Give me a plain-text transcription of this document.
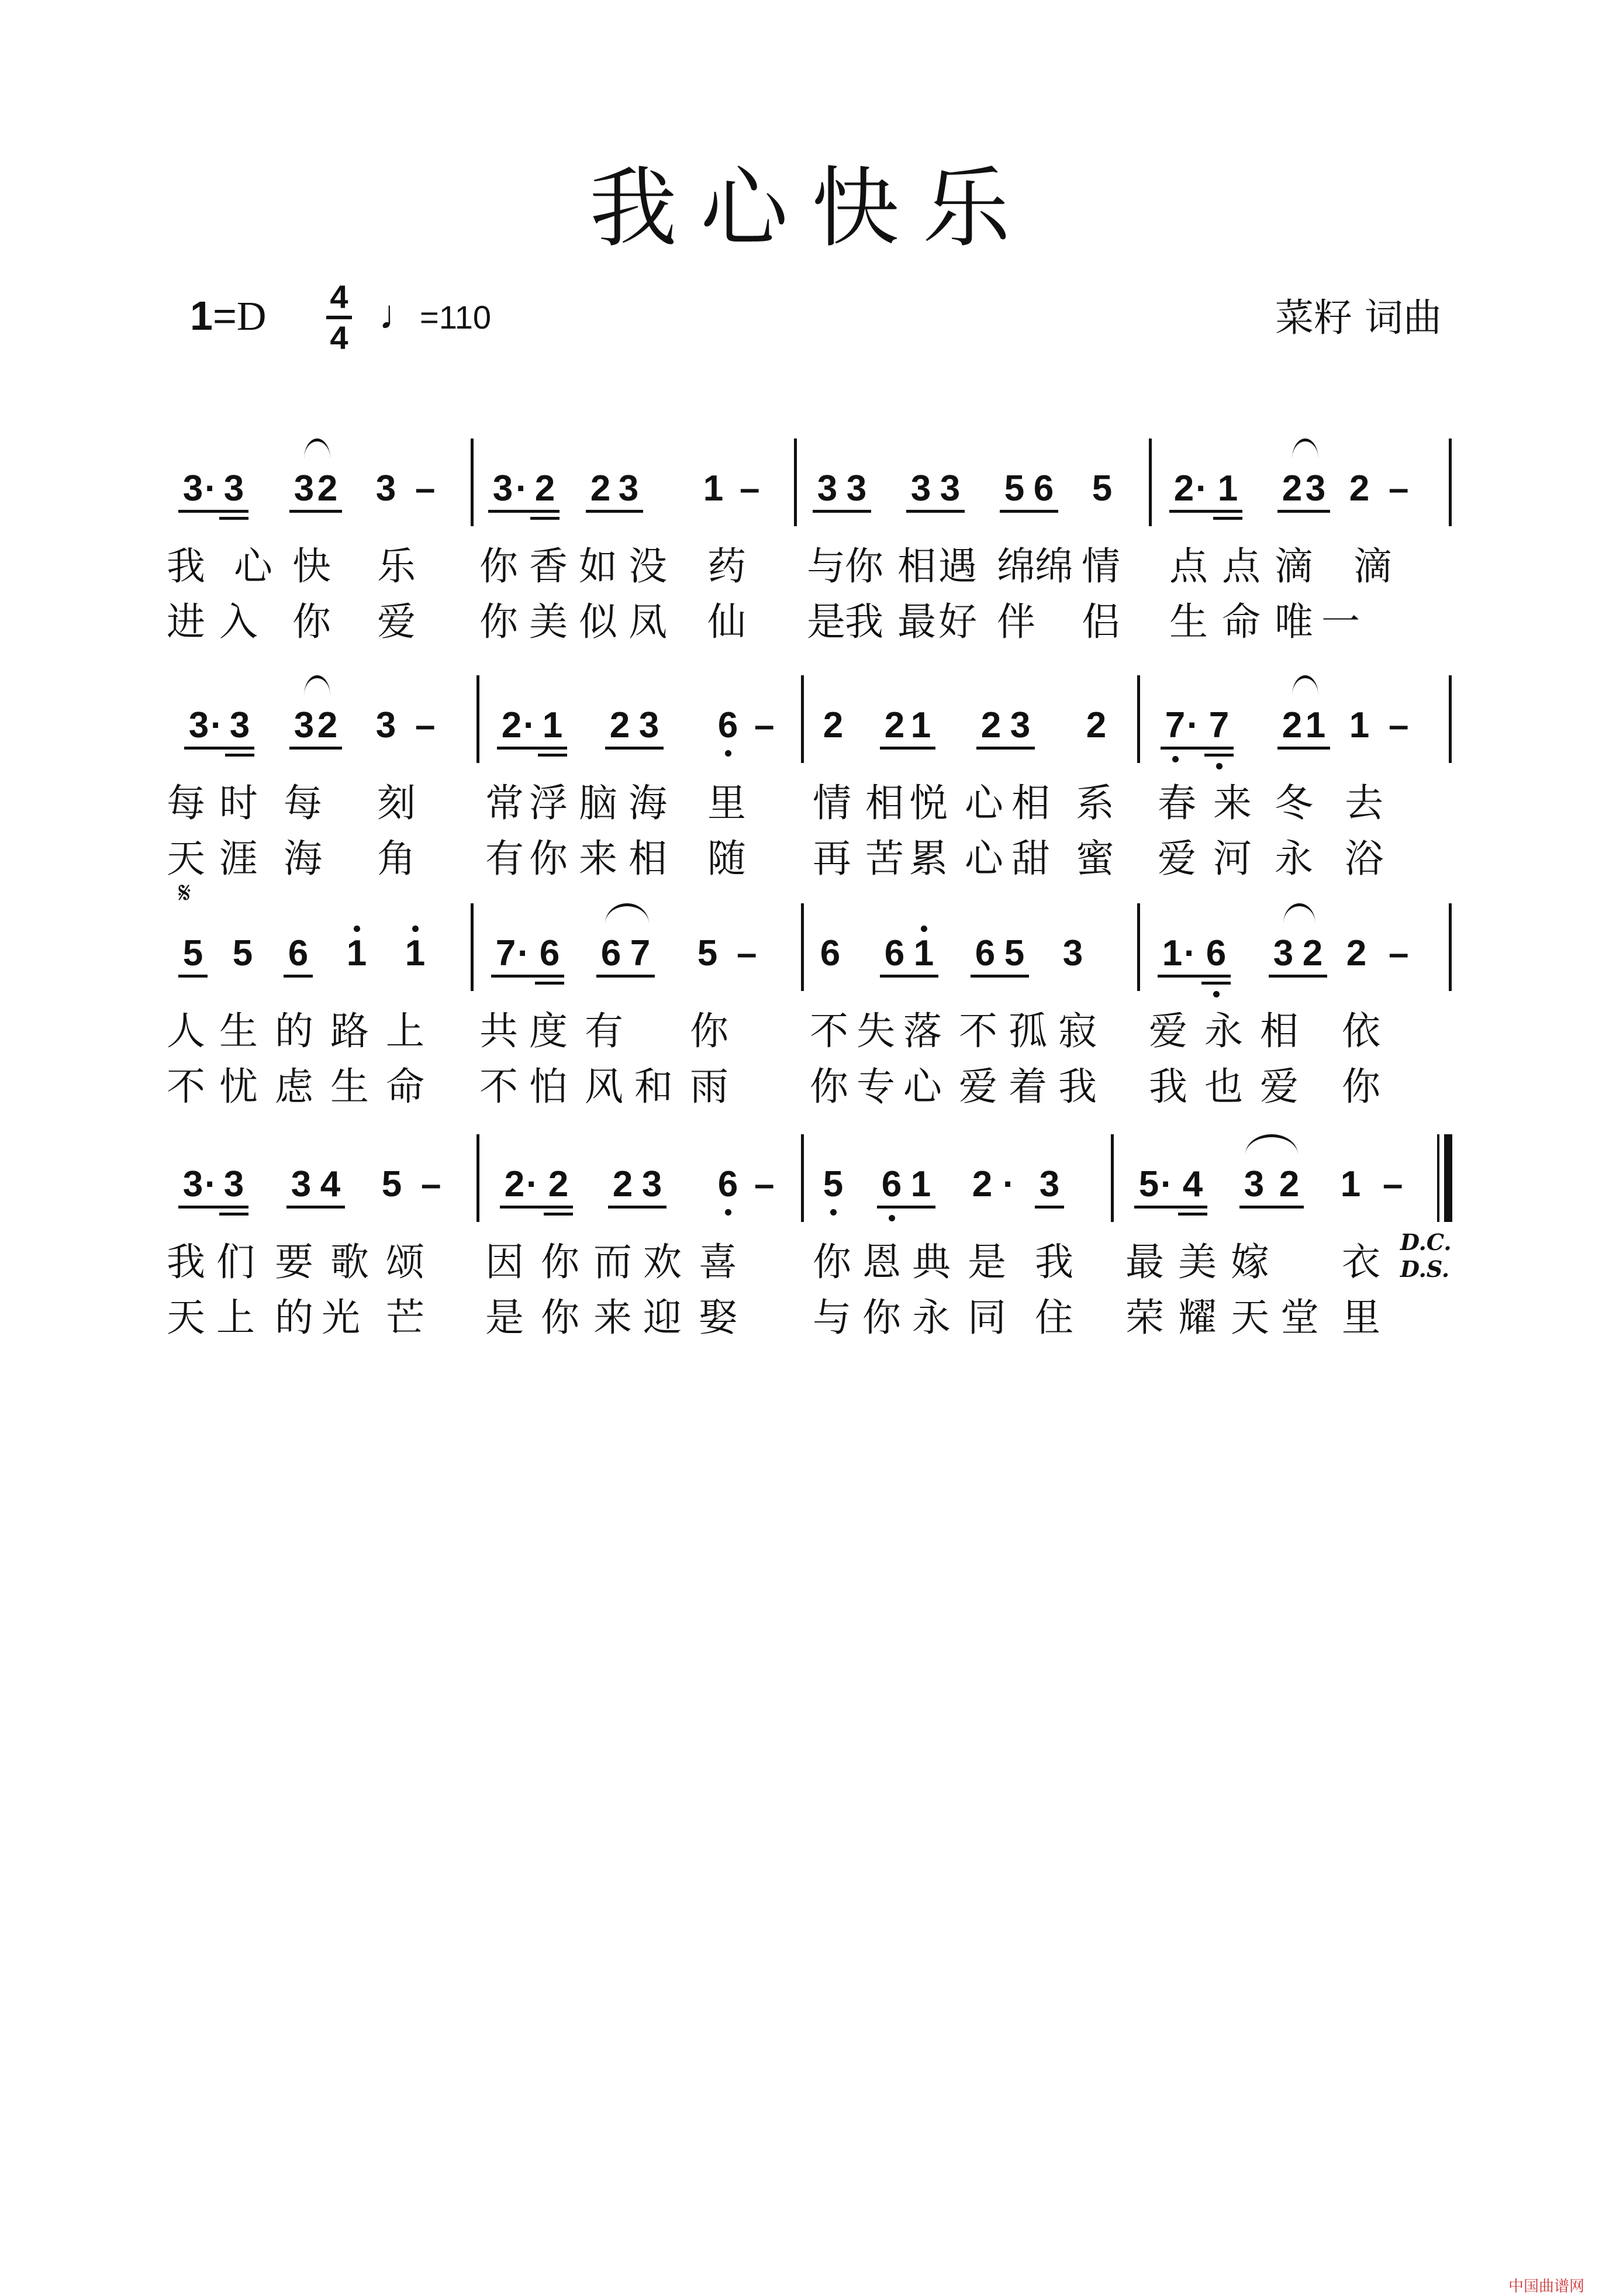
我心快乐
1=D 4
4
♩=110	菜籽 词曲
3 · 3 3 2 3 – 3 · 2 2 3 1 – 3 3 3 3 5 6 5 2 · 1 2 3 2 –
我 心 快 乐 你 香 如 没 药 与 你 相 遇 绵 绵 情 点 点 滴 滴
进 入 你 爱 你 美 似 凤 仙 是 我 最 好 伴 侣 生 命 唯 一
3 · 3 3 2 3 – 2 · 1 2 3 6 – 2 2 1 2 3 2 7 · 7 2 1 1 –
每 时 每 刻 常 浮 脑 海 里 情 相 悦 心 相 系 春 来 冬 去
天 涯 海 角 有 你 来 相 随 再 苦 累 心 甜 蜜 爱 河 永 浴
𝄋
5 5 6 1 1 7 · 6 6 7 5 – 6 6 1 6 5 3 1 · 6 3 2 2 –
人 生 的 路 上 共 度 有 你 不 失 落 不 孤 寂 爱 永 相 依
不 忧 虑 生 命 不 怕 风 和 雨 你 专 心 爱 着 我 我 也 爱 你
3 · 3 3 4 5 – 2 · 2 2 3 6 – 5 6 1 2 · 3 5 · 4 3 2 1 –
我 们 要 歌 颂 因 你 而 欢 喜 你 恩 典 是 我 最 美 嫁 衣
天 上 的 光 芒 是 你 来 迎 娶 与 你 永 同 住 荣 耀 天 堂 里
D.C.
D.S.
中国曲谱网
